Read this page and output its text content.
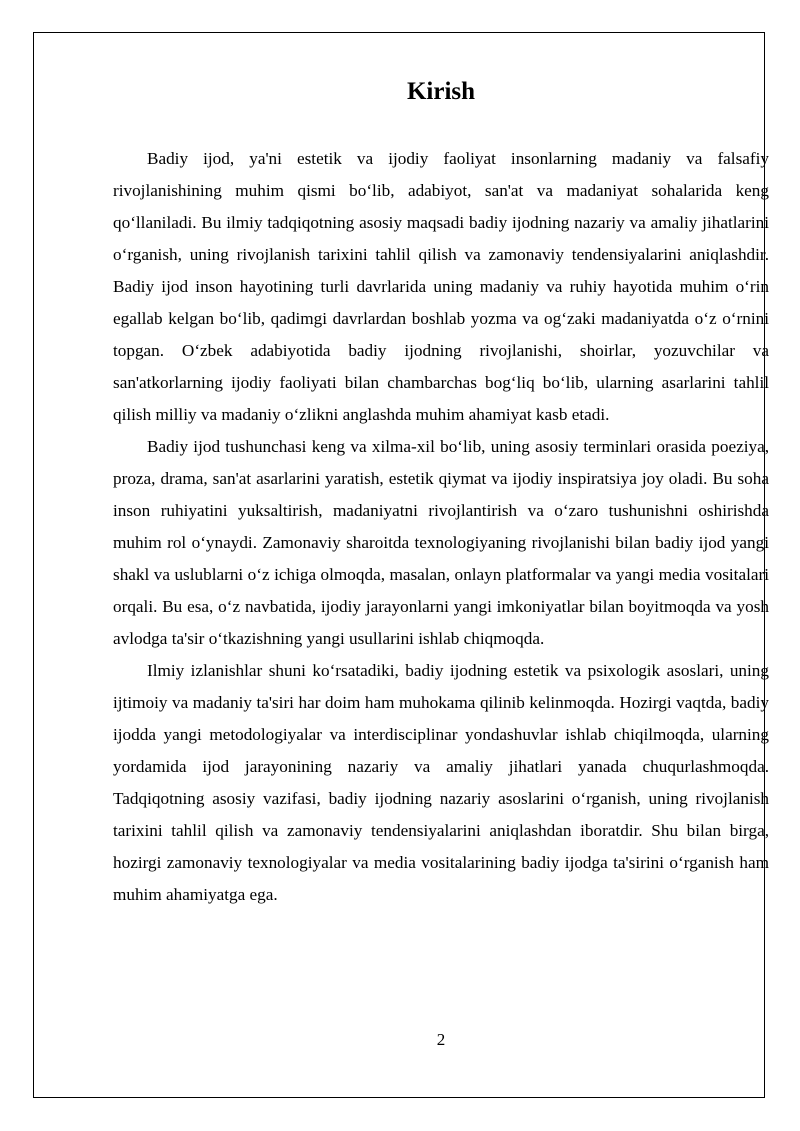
Kirish

Badiy ijod, ya'ni estetik va ijodiy faoliyat insonlarning madaniy va falsafiy rivojlanishining muhim qismi bo‘lib, adabiyot, san'at va madaniyat sohalarida keng qo‘llaniladi. Bu ilmiy tadqiqotning asosiy maqsadi badiy ijodning nazariy va amaliy jihatlarini o‘rganish, uning rivojlanish tarixini tahlil qilish va zamonaviy tendensiyalarini aniqlashdir. Badiy ijod inson hayotining turli davrlarida uning madaniy va ruhiy hayotida muhim o‘rin egallab kelgan bo‘lib, qadimgi davrlardan boshlab yozma va og‘zaki madaniyatda o‘z o‘rnini topgan. O‘zbek adabiyotida badiy ijodning rivojlanishi, shoirlar, yozuvchilar va san'atkorlarning ijodiy faoliyati bilan chambarchas bog‘liq bo‘lib, ularning asarlarini tahlil qilish milliy va madaniy o‘zlikni anglashda muhim ahamiyat kasb etadi.

Badiy ijod tushunchasi keng va xilma-xil bo‘lib, uning asosiy terminlari orasida poeziya, proza, drama, san'at asarlarini yaratish, estetik qiymat va ijodiy inspiratsiya joy oladi. Bu soha inson ruhiyatini yuksaltirish, madaniyatni rivojlantirish va o‘zaro tushunishni oshirishda muhim rol o‘ynaydi. Zamonaviy sharoitda texnologiyaning rivojlanishi bilan badiy ijod yangi shakl va uslublarni o‘z ichiga olmoqda, masalan, onlayn platformalar va yangi media vositalari orqali. Bu esa, o‘z navbatida, ijodiy jarayonlarni yangi imkoniyatlar bilan boyitmoqda va yosh avlodga ta'sir o‘tkazishning yangi usullarini ishlab chiqmoqda.

Ilmiy izlanishlar shuni ko‘rsatadiki, badiy ijodning estetik va psixologik asoslari, uning ijtimoiy va madaniy ta'siri har doim ham muhokama qilinib kelinmoqda. Hozirgi vaqtda, badiy ijodda yangi metodologiyalar va interdisciplinar yondashuvlar ishlab chiqilmoqda, ularning yordamida ijod jarayonining nazariy va amaliy jihatlari yanada chuqurlashmoqda. Tadqiqotning asosiy vazifasi, badiy ijodning nazariy asoslarini o‘rganish, uning rivojlanish tarixini tahlil qilish va zamonaviy tendensiyalarini aniqlashdan iboratdir. Shu bilan birga, hozirgi zamonaviy texnologiyalar va media vositalarining badiy ijodga ta'sirini o‘rganish ham muhim ahamiyatga ega.

2
